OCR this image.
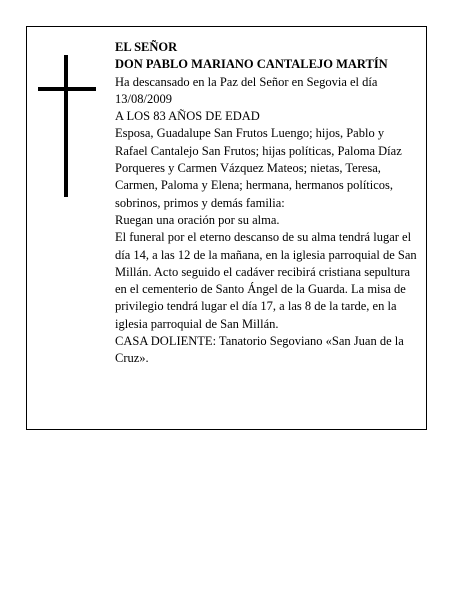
EL SEÑOR

DON PABLO MARIANO CANTALEJO MARTÍN

Ha descansado en la Paz del Señor en Segovia el día 13/08/2009

A LOS 83 AÑOS DE EDAD

Esposa, Guadalupe San Frutos Luengo; hijos, Pablo y Rafael Cantalejo San Frutos; hijas políticas, Paloma Díaz Porqueres y Carmen Vázquez Mateos; nietas, Teresa, Carmen, Paloma y Elena; hermana, hermanos políticos, sobrinos, primos y demás familia:

Ruegan una oración por su alma.

El funeral por el eterno descanso de su alma tendrá lugar el día 14, a las 12 de la mañana, en la iglesia parroquial de San Millán. Acto seguido el cadáver recibirá cristiana sepultura en el cementerio de Santo Ángel de la Guarda. La misa de privilegio tendrá lugar el día 17, a las 8 de la tarde, en la iglesia parroquial de San Millán.

CASA DOLIENTE: Tanatorio Segoviano «San Juan de la Cruz».
